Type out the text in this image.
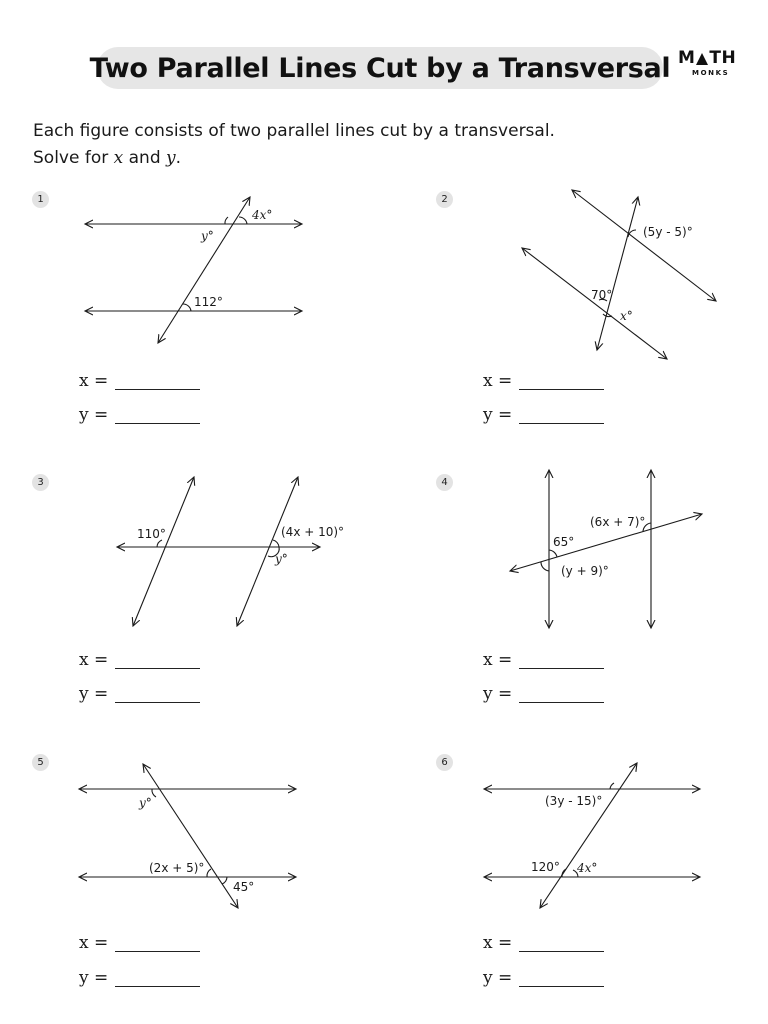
Two Parallel Lines Cut by a Transversal M TH
MONKS

Each figure consists of two parallel lines cut by a transversal.

Solve for x and y.

1	2
3	4
5	6
4x°
y°
112°
(5y - 5)°
70°
x°
110°	(4x + 10)°
y°
(6x + 7)°
65°
(y + 9)°
y°
(2x + 5)°
45°
(3y - 15)°
120° 4x°
x =
y =
x =
y =
x =
y =
x =
y =
x =
y =
x =
y =
